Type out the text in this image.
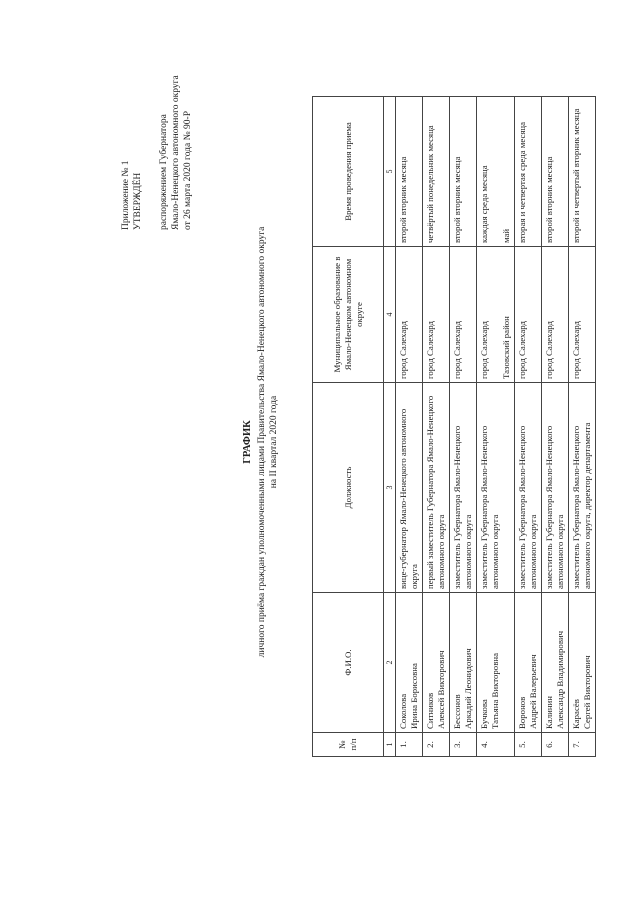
Приложение № 1 УТВЕРЖДЁН распоряжением Губернатора Ямало-Ненецкого автономного округа от 26 марта 2020 года № 90-Р
ГРАФИК личного приёма граждан уполномоченными лицами Правительства Ямало-Ненецкого автономного округа на II квартал 2020 года
№ п/п	Ф.И.О.	Должность	Муниципальное образование в Ямало-Ненецком автономном округе	Время проведения приема
1	2	3	4	5
1.	Соколова Ирина Борисовна	вице-губернатор Ямало-Ненецкого автономного округа	город Салехард	второй вторник месяца

2.	Ситников Алексей Викторович	первый заместитель Губернатора Ямало-Ненецкого автономного округа	город Салехард	четвёртый понедельник месяца

3.	Бессонов Аркадий Леонидович	заместитель Губернатора Ямало-Ненецкого автономного округа	город Салехард	второй вторник месяца

4.	Бучкова Татьяна Викторовна	заместитель Губернатора Ямало-Ненецкого автономного округа	город Салехард Тазовский район	каждая среда месяца май

5.	Воронов Андрей Валерьевич	заместитель Губернатора Ямало-Ненецкого автономного округа	город Салехард	вторая и четвертая среда месяца

6.	Калинин Александр Владимирович	заместитель Губернатора Ямало-Ненецкого автономного округа	город Салехард	второй вторник месяца

7.	Карасёв Сергей Викторович	заместитель Губернатора Ямало-Ненецкого автономного округа, директор департамента	город Салехард	второй и четвертый вторник месяца
